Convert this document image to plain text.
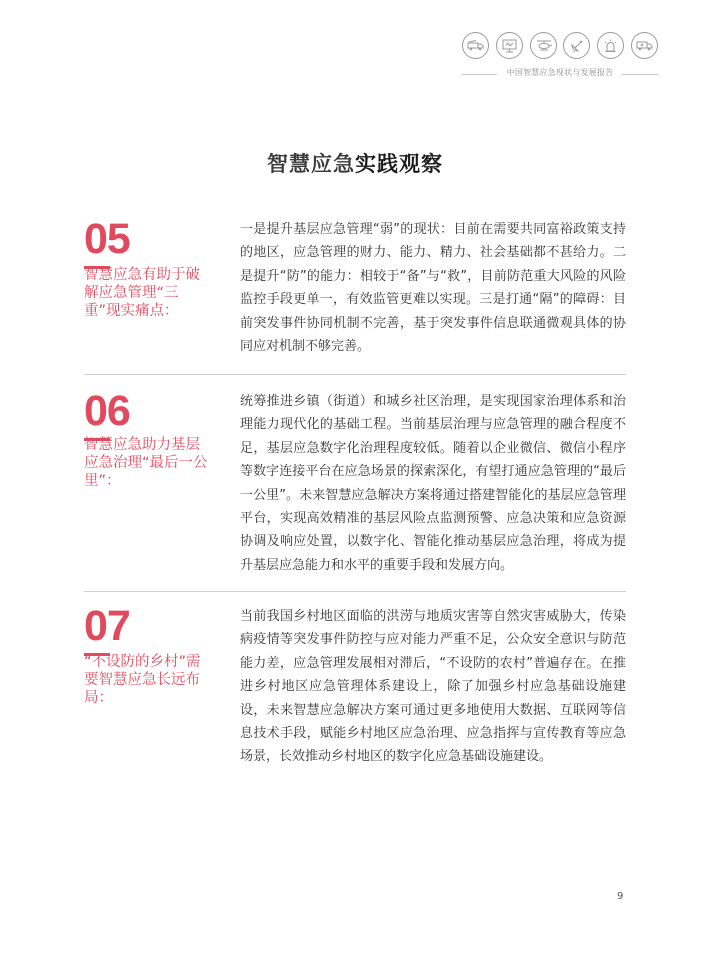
中国智慧应急现状与发展报告
智慧应急实践观察
05
智慧应急有助于破解应急管理“三重”现实痛点：
一是提升基层应急管理“弱”的现状：目前在需要共同富裕政策支持的地区，应急管理的财力、能力、精力、社会基础都不甚给力。二是提升“防”的能力：相较于“备”与“救”，目前防范重大风险的风险监控手段更单一，有效监管更难以实现。三是打通“隔”的障碍：目前突发事件协同机制不完善，基于突发事件信息联通微观具体的协同应对机制不够完善。
06
智慧应急助力基层应急治理“最后一公里”：
统筹推进乡镇（街道）和城乡社区治理，是实现国家治理体系和治理能力现代化的基础工程。当前基层治理与应急管理的融合程度不足，基层应急数字化治理程度较低。随着以企业微信、微信小程序等数字连接平台在应急场景的探索深化，有望打通应急管理的“最后一公里”。未来智慧应急解决方案将通过搭建智能化的基层应急管理平台，实现高效精准的基层风险点监测预警、应急决策和应急资源协调及响应处置，以数字化、智能化推动基层应急治理，将成为提升基层应急能力和水平的重要手段和发展方向。
07
“不设防的乡村”需要智慧应急长远布局：
当前我国乡村地区面临的洪涝与地质灾害等自然灾害威胁大，传染病疫情等突发事件防控与应对能力严重不足，公众安全意识与防范能力差，应急管理发展相对滞后，“不设防的农村”普遍存在。在推进乡村地区应急管理体系建设上，除了加强乡村应急基础设施建设，未来智慧应急解决方案可通过更多地使用大数据、互联网等信息技术手段，赋能乡村地区应急治理、应急指挥与宣传教育等应急场景，长效推动乡村地区的数字化应急基础设施建设。
9
